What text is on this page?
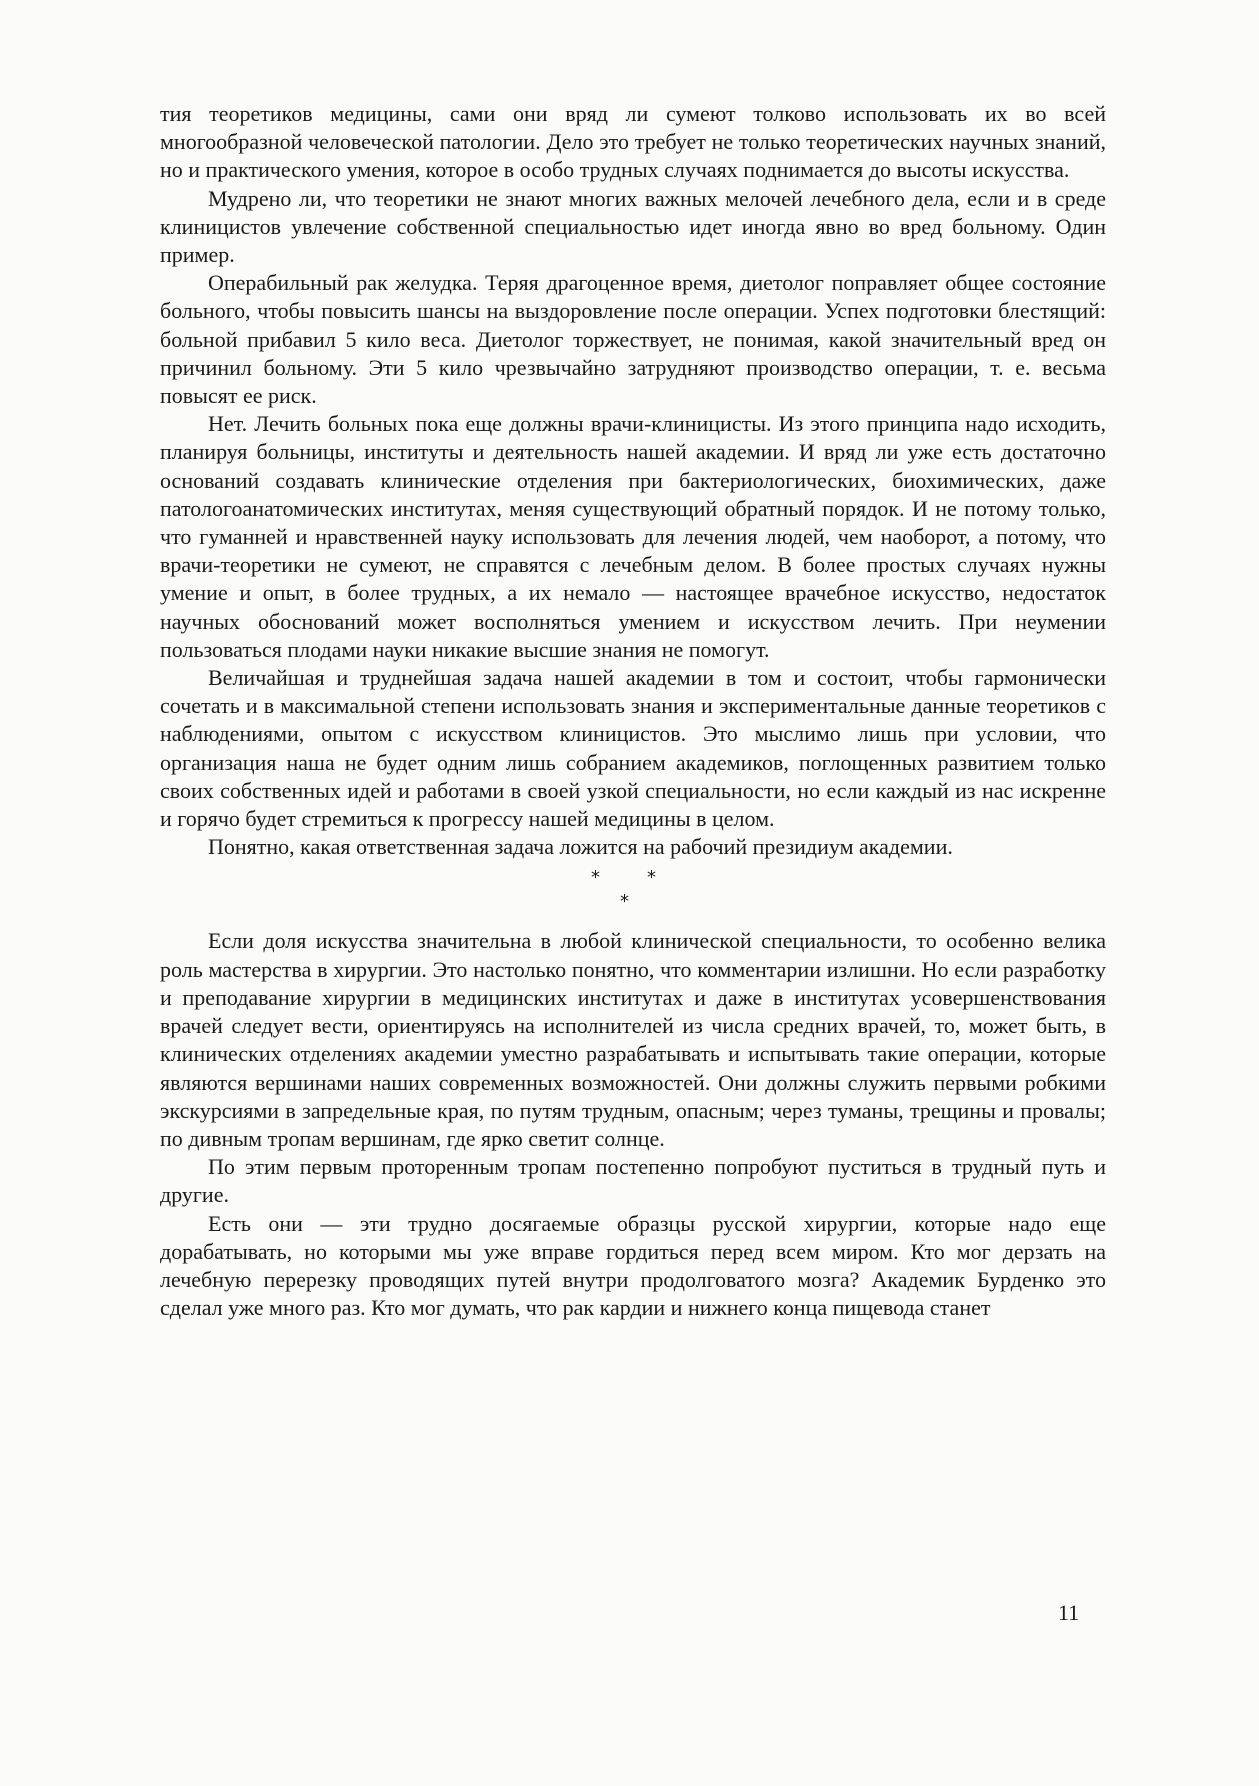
тия теоретиков медицины, сами они вряд ли сумеют толково использовать их во всей многообразной человеческой патологии. Дело это требует не только теоретических научных знаний, но и практического умения, которое в особо трудных случаях поднимается до высоты искусства.

Мудрено ли, что теоретики не знают многих важных мелочей лечебного дела, если и в среде клиницистов увлечение собственной специальностью идет иногда явно во вред больному. Один пример.

Операбильный рак желудка. Теряя драгоценное время, диетолог поправляет общее состояние больного, чтобы повысить шансы на выздоровление после операции. Успех подготовки блестящий: больной прибавил 5 кило веса. Диетолог торжествует, не понимая, какой значительный вред он причинил больному. Эти 5 кило чрезвычайно затрудняют производство операции, т. е. весьма повысят ее риск.

Нет. Лечить больных пока еще должны врачи-клиницисты. Из этого принципа надо исходить, планируя больницы, институты и деятельность нашей академии. И вряд ли уже есть достаточно оснований создавать клинические отделения при бактериологических, биохимических, даже патологоанатомических институтах, меняя существующий обратный порядок. И не потому только, что гуманней и нравственней науку использовать для лечения людей, чем наоборот, а потому, что врачи-теоретики не сумеют, не справятся с лечебным делом. В более простых случаях нужны умение и опыт, в более трудных, а их немало — настоящее врачебное искусство, недостаток научных обоснований может восполняться умением и искусством лечить. При неумении пользоваться плодами науки никакие высшие знания не помогут.

Величайшая и труднейшая задача нашей академии в том и состоит, чтобы гармонически сочетать и в максимальной степени использовать знания и экспериментальные данные теоретиков с наблюдениями, опытом с искусством клиницистов. Это мыслимо лишь при условии, что организация наша не будет одним лишь собранием академиков, поглощенных развитием только своих собственных идей и работами в своей узкой специальности, но если каждый из нас искренне и горячо будет стремиться к прогрессу нашей медицины в целом.

Понятно, какая ответственная задача ложится на рабочий президиум академии.

*	*
*

Если доля искусства значительна в любой клинической специальности, то особенно велика роль мастерства в хирургии. Это настолько понятно, что комментарии излишни. Но если разработку и преподавание хирургии в медицинских институтах и даже в институтах усовершенствования врачей следует вести, ориентируясь на исполнителей из числа средних врачей, то, может быть, в клинических отделениях академии уместно разрабатывать и испытывать такие операции, которые являются вершинами наших современных возможностей. Они должны служить первыми робкими экскурсиями в запредельные края, по путям трудным, опасным; через туманы, трещины и провалы; по дивным тропам вершинам, где ярко светит солнце.

По этим первым проторенным тропам постепенно попробуют пуститься в трудный путь и другие.

Есть они — эти трудно досягаемые образцы русской хирургии, которые надо еще дорабатывать, но которыми мы уже вправе гордиться перед всем миром. Кто мог дерзать на лечебную перерезку проводящих путей внутри продолговатого мозга? Академик Бурденко это сделал уже много раз. Кто мог думать, что рак кардии и нижнего конца пищевода станет

11
